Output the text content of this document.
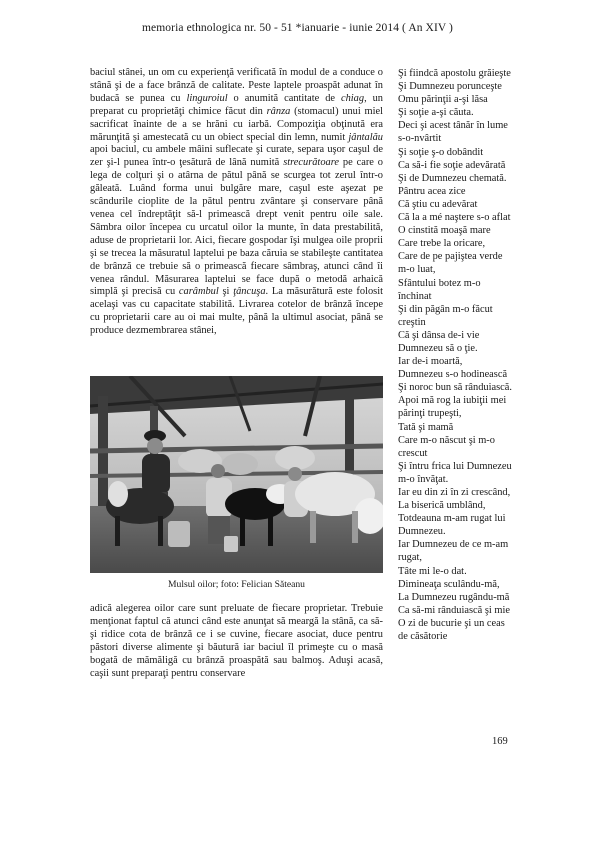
memoria ethnologica nr. 50 - 51 *ianuarie - iunie 2014 ( An XIV )
baciul stânei, un om cu experienţă verificată în modul de a conduce o stână şi de a face brânză de calitate. Peste laptele proaspăt adunat în budacă se punea cu linguroiul o anumită cantitate de chiag, un preparat cu proprietăţi chimice făcut din rânza (stomacul) unui miel sacrificat înainte de a se hrăni cu iarbă. Compoziţia obţinută era mărunţită şi amestecată cu un obiect special din lemn, numit jântalău apoi baciul, cu ambele mâini suflecate şi curate, separa uşor caşul de zer şi-l punea într-o ţesătură de lână numită strecurătoare pe care o lega de colţuri şi o atârna de pătul până se scurgea tot zerul într-o găleată. Luând forma unui bulgăre mare, caşul este aşezat pe scândurile cioplite de la pătul pentru zvântare şi conservare până venea cel îndreptăţit să-l primească drept venit pentru oile sale. Sâmbra oilor începea cu urcatul oilor la munte, în data prestabilită, aduse de proprietarii lor. Aici, fiecare gospodar îşi mulgea oile proprii şi se trecea la măsuratul laptelui pe baza căruia se stabileşte cantitatea de brânză ce trebuie să o primească fiecare sâmbraş, atunci când îi venea rândul. Măsurarea laptelui se face după o metodă arhaică simplă şi precisă cu carâmbul şi ţâncuşa. La măsurătură este folosit acelaşi vas cu capacitate stabilită. Livrarea cotelor de brânză începe cu proprietarii care au oi mai multe, până la ultimul asociat, până se produce dezmembrarea stânei,
Mulsul oilor; foto: Felician Săteanu
adică alegerea oilor care sunt preluate de fiecare proprietar. Trebuie menţionat faptul că atunci când este anunţat să meargă la stână, ca să-şi ridice cota de brânză ce i se cuvine, fiecare asociat, duce pentru păstori diverse alimente şi băutură iar baciul îl primeşte cu o masă bogată de mămăligă cu brânză proaspătă sau balmoş. Aduşi acasă, caşii sunt preparaţi pentru conservare
Şi fiindcă apostolu grăieşte
Şi Dumnezeu porunceşte
Omu părinţii a-şi lăsa
Şi soţie a-şi căuta.
Deci şi acest tânăr în lume
s-o-nvârtit
Şi soţie ş-o dobândit
Ca să-i fie soţie adevărată
Şi de Dumnezeu chemată.
Pântru acea zice
Că ştiu cu adevărat
Că la a mé naştere s-o aflat
O cinstită moaşă mare
Care trebe la oricare,
Care de pe pajiştea verde
m-o luat,
Sfântului botez m-o
închinat
Şi din păgân m-o făcut
creştin
Că şi dânsa de-i vie
Dumnezeu să o ţie.
Iar de-i moartă,
Dumnezeu s-o hodinească
Şi noroc bun să rânduiască.
Apoi mă rog la iubiţii mei
părinţi trupeşti,
Tată şi mamă
Care m-o născut şi m-o
crescut
Şi întru frica lui Dumnezeu
m-o învăţat.
Iar eu din zi în zi crescând,
La biserică umblând,
Totdeauna m-am rugat lui
Dumnezeu.
Iar Dumnezeu de ce m-am
rugat,
Tâte mi le-o dat.
Dimineaţa sculându-mă,
La Dumnezeu rugându-mă
Ca să-mi rânduiască şi mie
O zi de bucurie şi un ceas
de căsătorie
169
